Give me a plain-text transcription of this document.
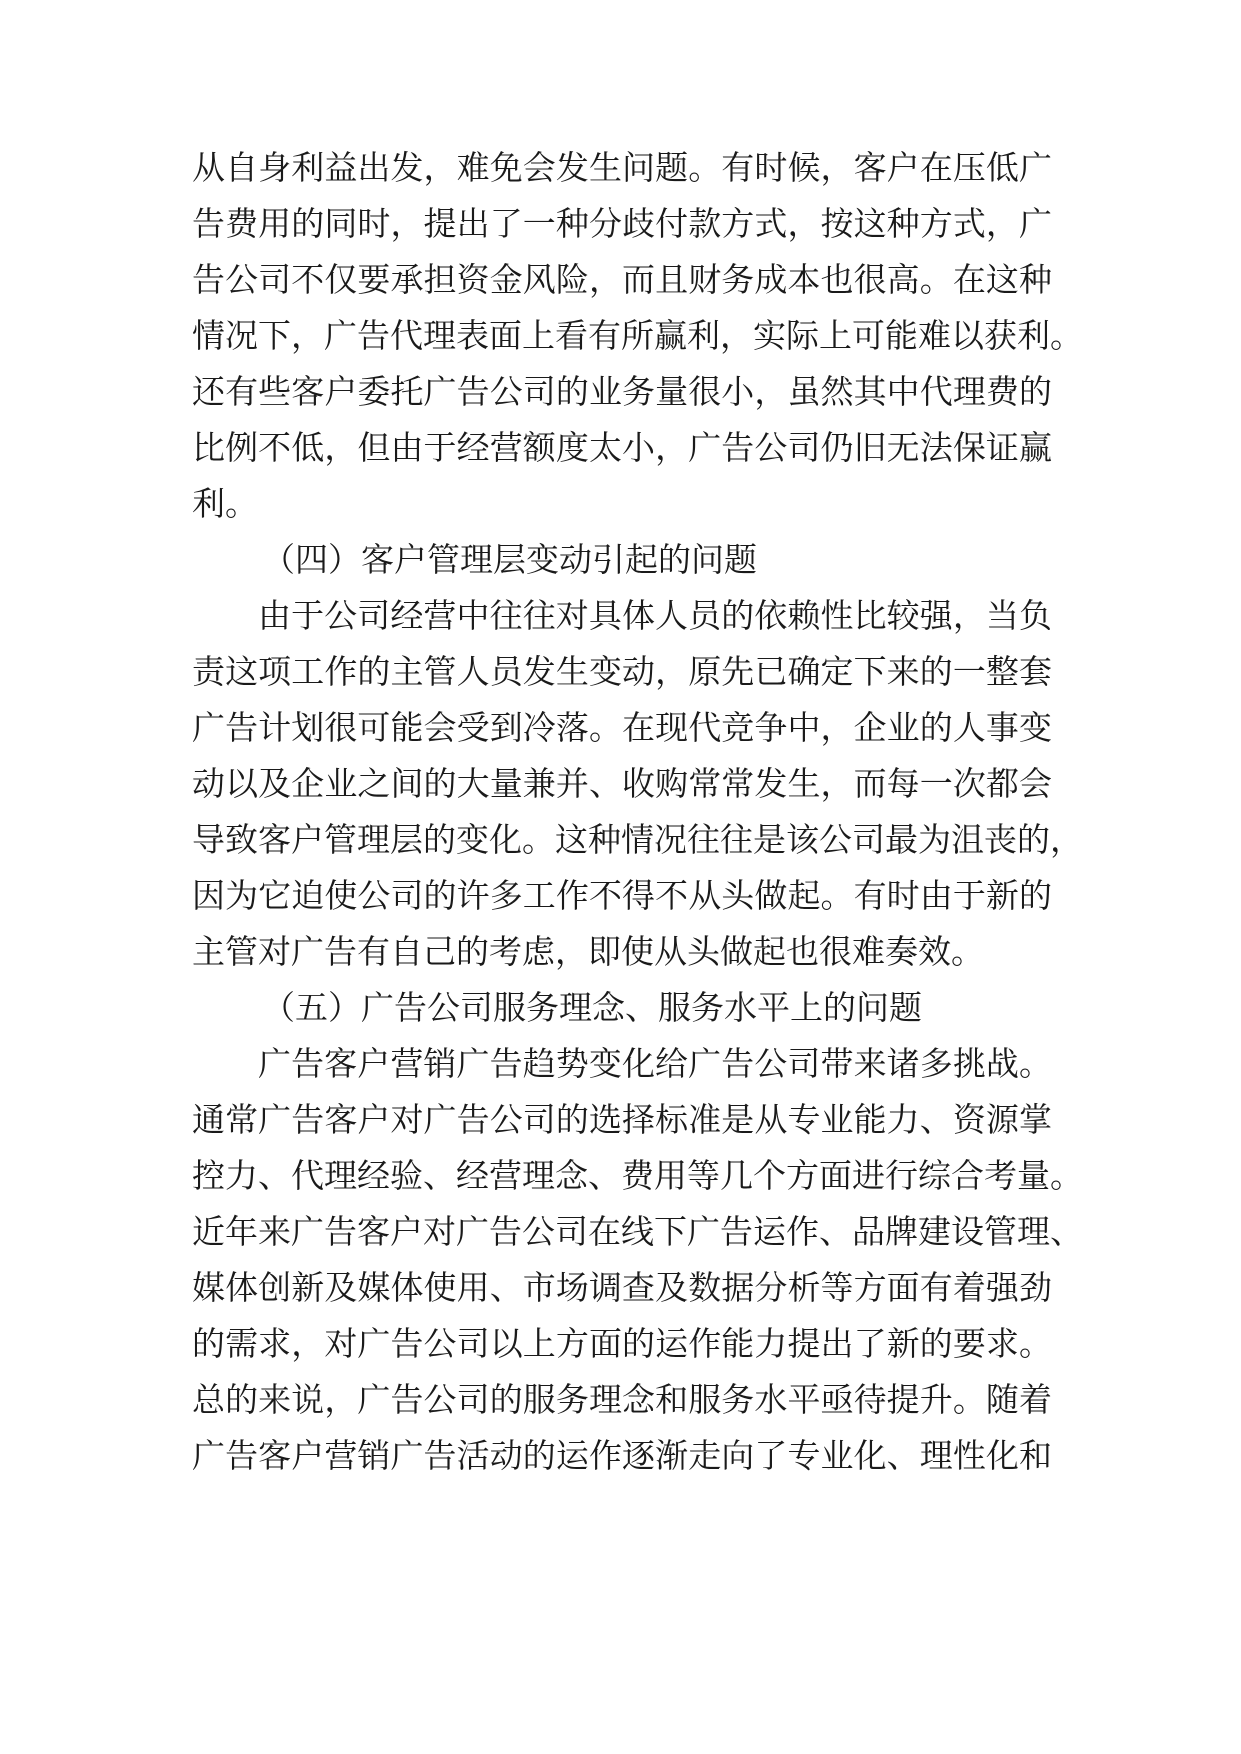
从自身利益出发，难免会发生问题。有时候，客户在压低广
告费用的同时，提出了一种分歧付款方式，按这种方式，广
告公司不仅要承担资金风险，而且财务成本也很高。在这种
情况下，广告代理表面上看有所赢利，实际上可能难以获利。
还有些客户委托广告公司的业务量很小，虽然其中代理费的
比例不低，但由于经营额度太小，广告公司仍旧无法保证赢
利。
（四）客户管理层变动引起的问题
由于公司经营中往往对具体人员的依赖性比较强，当负
责这项工作的主管人员发生变动，原先已确定下来的一整套
广告计划很可能会受到冷落。在现代竞争中，企业的人事变
动以及企业之间的大量兼并、收购常常发生，而每一次都会
导致客户管理层的变化。这种情况往往是该公司最为沮丧的，
因为它迫使公司的许多工作不得不从头做起。有时由于新的
主管对广告有自己的考虑，即使从头做起也很难奏效。
（五）广告公司服务理念、服务水平上的问题
广告客户营销广告趋势变化给广告公司带来诸多挑战。
通常广告客户对广告公司的选择标准是从专业能力、资源掌
控力、代理经验、经营理念、费用等几个方面进行综合考量。
近年来广告客户对广告公司在线下广告运作、品牌建设管理、
媒体创新及媒体使用、市场调查及数据分析等方面有着强劲
的需求，对广告公司以上方面的运作能力提出了新的要求。
总的来说，广告公司的服务理念和服务水平亟待提升。随着
广告客户营销广告活动的运作逐渐走向了专业化、理性化和
